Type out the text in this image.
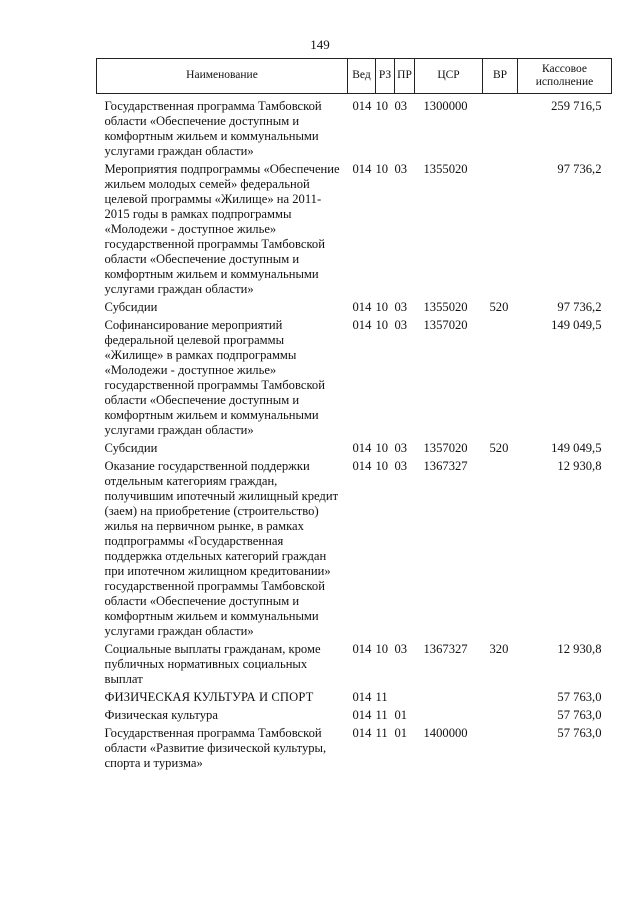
149
Наименование	Вед	РЗ	ПР	ЦСР	ВР	Кассовое исполнение
Государственная программа Тамбовской области «Обеспечение доступным и комфортным жильем и коммунальными услугами граждан области»	014	10	03	1300000		259 716,5
Мероприятия подпрограммы «Обеспечение жильем молодых семей» федеральной целевой программы «Жилище» на 2011- 2015 годы в рамках подпрограммы «Молодежи - доступное жилье» государственной программы Тамбовской области «Обеспечение доступным и комфортным жильем и коммунальными услугами граждан области»	014	10	03	1355020		97 736,2
Субсидии	014	10	03	1355020	520	97 736,2
Софинансирование мероприятий федеральной целевой программы «Жилище» в рамках подпрограммы «Молодежи - доступное жилье» государственной программы Тамбовской области «Обеспечение доступным и комфортным жильем и коммунальными услугами граждан области»	014	10	03	1357020		149 049,5
Субсидии	014	10	03	1357020	520	149 049,5
Оказание государственной поддержки отдельным категориям граждан, получившим ипотечный жилищный кредит (заем) на приобретение (строительство) жилья на первичном рынке, в рамках подпрограммы «Государственная поддержка отдельных категорий граждан при ипотечном жилищном кредитовании» государственной программы Тамбовской области «Обеспечение доступным и комфортным жильем и коммунальными услугами граждан области»	014	10	03	1367327		12 930,8
Социальные выплаты гражданам, кроме публичных нормативных социальных выплат	014	10	03	1367327	320	12 930,8
ФИЗИЧЕСКАЯ КУЛЬТУРА И СПОРТ	014	11				57 763,0
Физическая культура	014	11	01			57 763,0
Государственная программа Тамбовской области «Развитие физической культуры, спорта и туризма»	014	11	01	1400000		57 763,0
